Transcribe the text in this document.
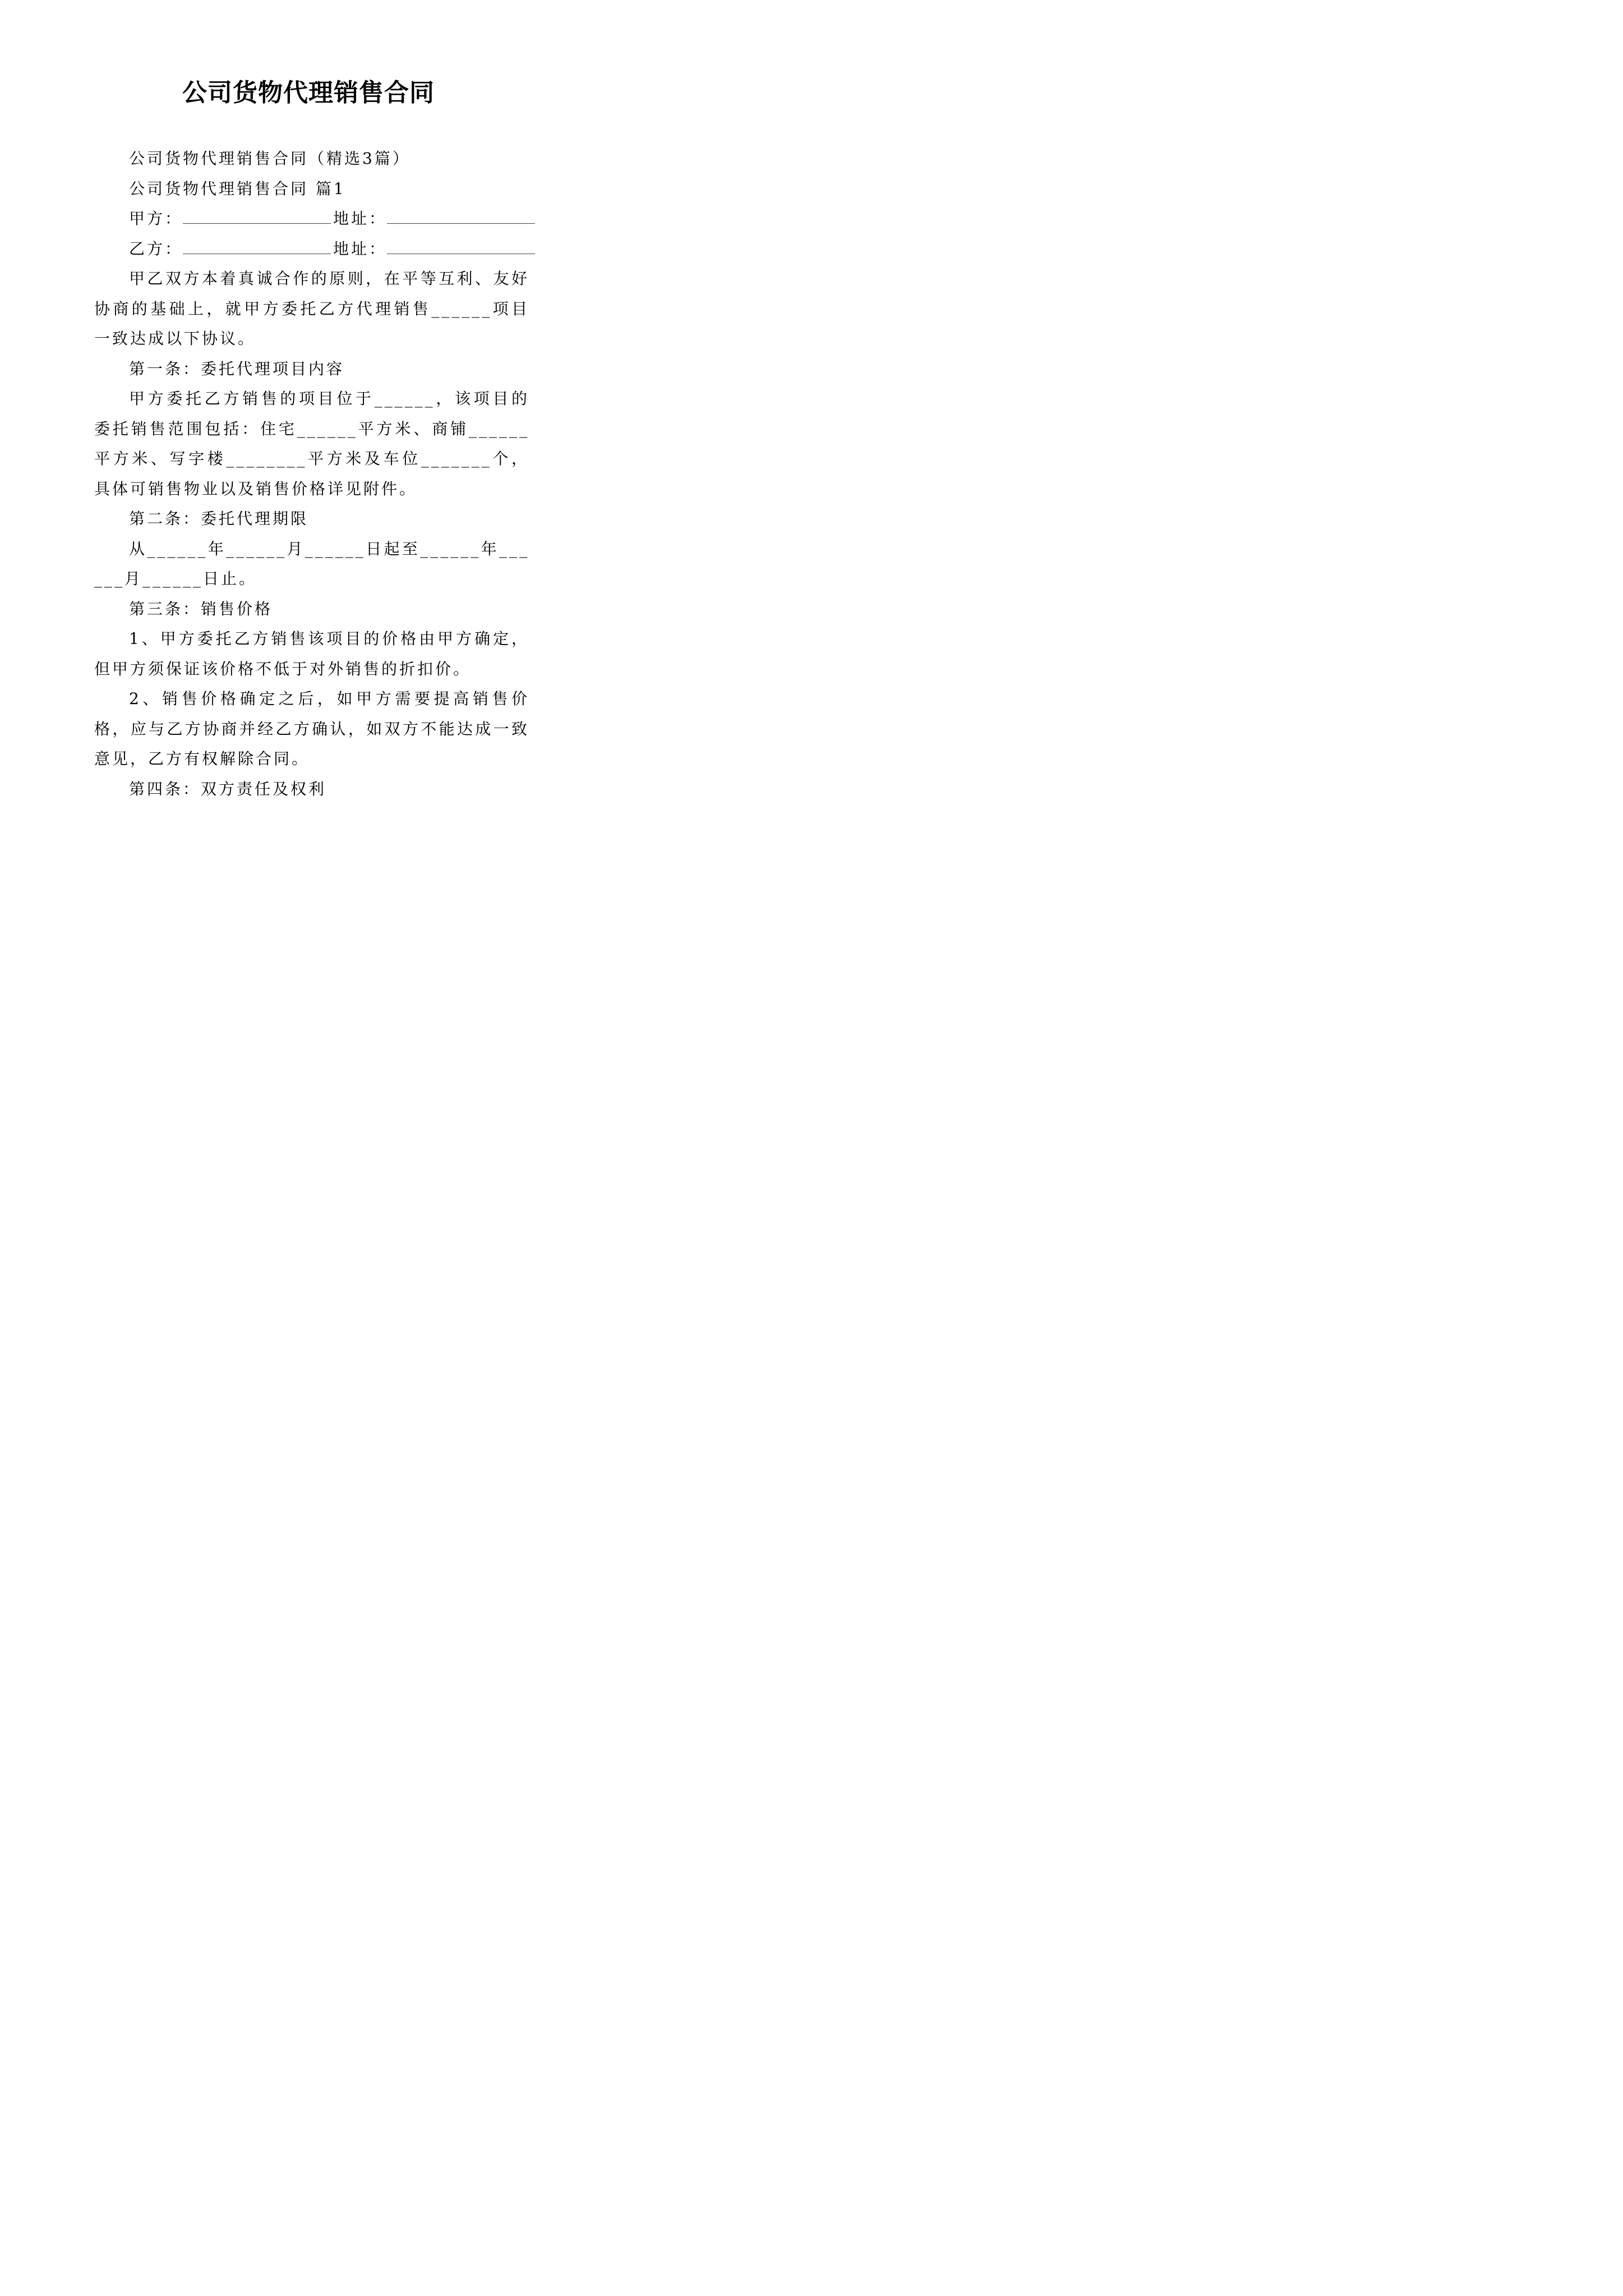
公司货物代理销售合同

公司货物代理销售合同（精选3篇）

公司货物代理销售合同 篇1

甲方：	地址：

乙方：	地址：

甲乙双方本着真诚合作的原则，在平等互利、友好协商的基础上，就甲方委托乙方代理销售______项目一致达成以下协议。

第一条：委托代理项目内容

甲方委托乙方销售的项目位于______，该项目的委托销售范围包括：住宅______平方米、商铺______平方米、写字楼________平方米及车位_______个，具体可销售物业以及销售价格详见附件。

第二条：委托代理期限

从______年______月______日起至______年______月______日止。

第三条：销售价格

1、甲方委托乙方销售该项目的价格由甲方确定，但甲方须保证该价格不低于对外销售的折扣价。

2、销售价格确定之后，如甲方需要提高销售价格，应与乙方协商并经乙方确认，如双方不能达成一致意见，乙方有权解除合同。

第四条：双方责任及权利
